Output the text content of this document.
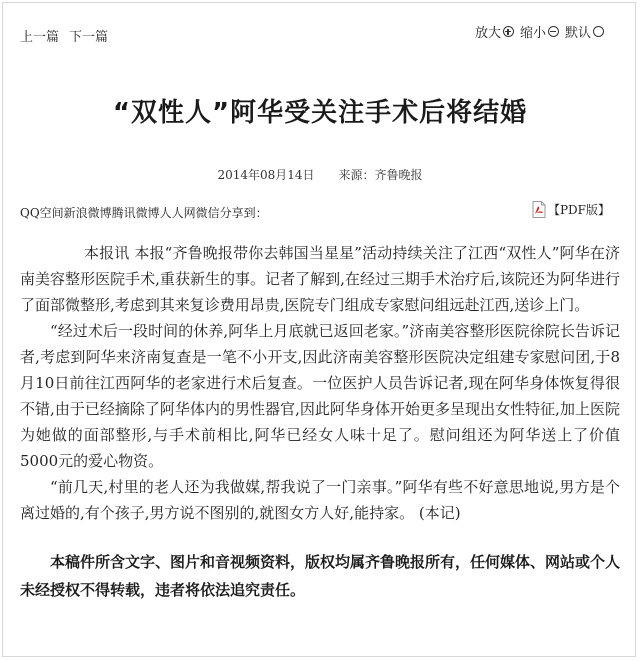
上一篇 下一篇	放大 缩小 默认
“双性人”阿华受关注手术后将结婚
2014年08月14日 来源：齐鲁晚报
QQ空间新浪微博腾讯微博人人网微信分享到：	【PDF版】

本报讯 本报“齐鲁晚报带你去韩国当星星”活动持续关注了江西“双性人”阿华在济南美容整形医院手术,重获新生的事。记者了解到,在经过三期手术治疗后,该院还为阿华进行了面部微整形,考虑到其来复诊费用昂贵,医院专门组成专家慰问组远赴江西,送诊上门。

“经过术后一段时间的休养,阿华上月底就已返回老家。”济南美容整形医院徐院长告诉记者,考虑到阿华来济南复查是一笔不小开支,因此济南美容整形医院决定组建专家慰问团,于8月10日前往江西阿华的老家进行术后复查。一位医护人员告诉记者,现在阿华身体恢复得很不错,由于已经摘除了阿华体内的男性器官,因此阿华身体开始更多呈现出女性特征,加上医院为她做的面部整形,与手术前相比,阿华已经女人味十足了。慰问组还为阿华送上了价值5000元的爱心物资。

“前几天,村里的老人还为我做媒,帮我说了一门亲事。”阿华有些不好意思地说,男方是个离过婚的,有个孩子,男方说不图别的,就图女方人好,能持家。 (本记)

本稿件所含文字、图片和音视频资料，版权均属齐鲁晚报所有，任何媒体、网站或个人未经授权不得转载，违者将依法追究责任。
